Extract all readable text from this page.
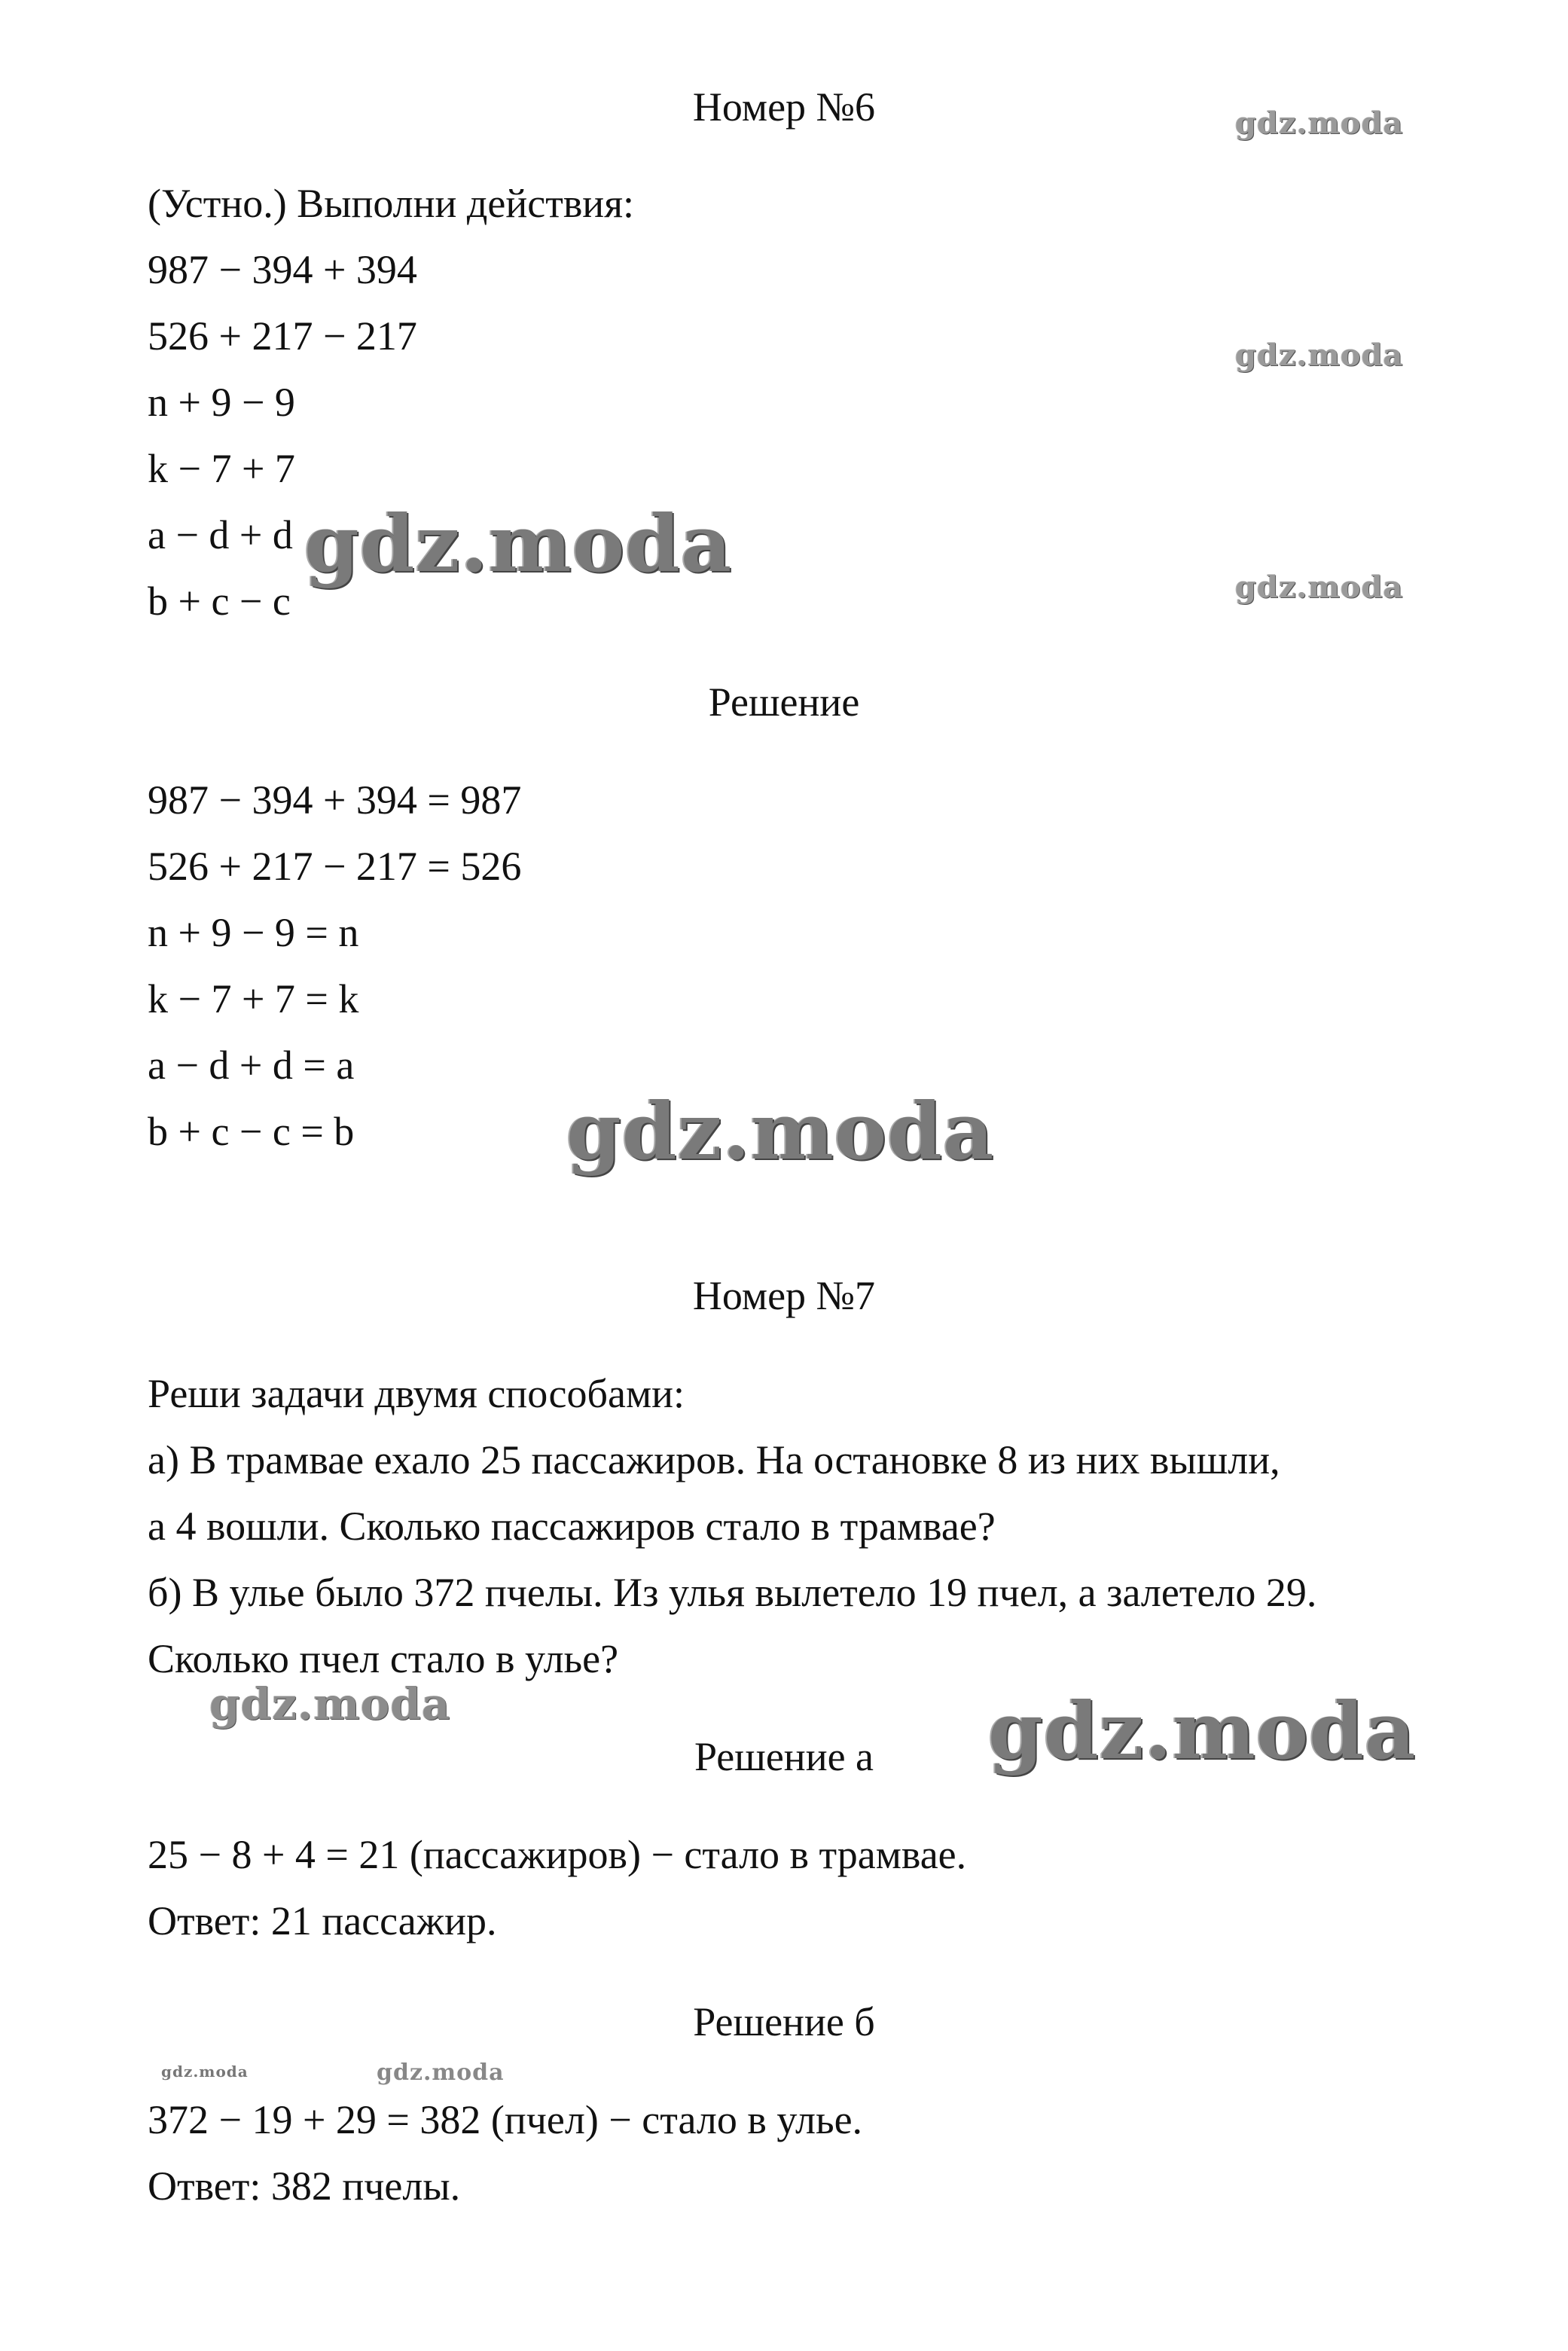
Номер №6
(Устно.) Выполни действия:
987 − 394 + 394
526 + 217 − 217
n + 9 − 9
k − 7 + 7
a − d + d
b + c − c
Решение
987 − 394 + 394 = 987
526 + 217 − 217 = 526
n + 9 − 9 = n
k − 7 + 7 = k
a − d + d = a
b + c − c = b
Номер №7
Реши задачи двумя способами:
а) В трамвае ехало 25 пассажиров. На остановке 8 из них вышли,
а 4 вошли. Сколько пассажиров стало в трамвае?
б) В улье было 372 пчелы. Из улья вылетело 19 пчел, а залетело 29.
Сколько пчел стало в улье?
Решение а
25 − 8 + 4 = 21 (пассажиров) − стало в трамвае.
Ответ: 21 пассажир.
Решение б
372 − 19 + 29 = 382 (пчел) − стало в улье.
Ответ: 382 пчелы.
gdz.moda
gdz.moda
gdz.moda
gdz.moda
gdz.moda
gdz.moda	gdz.moda
gdz.moda	gdz.moda
